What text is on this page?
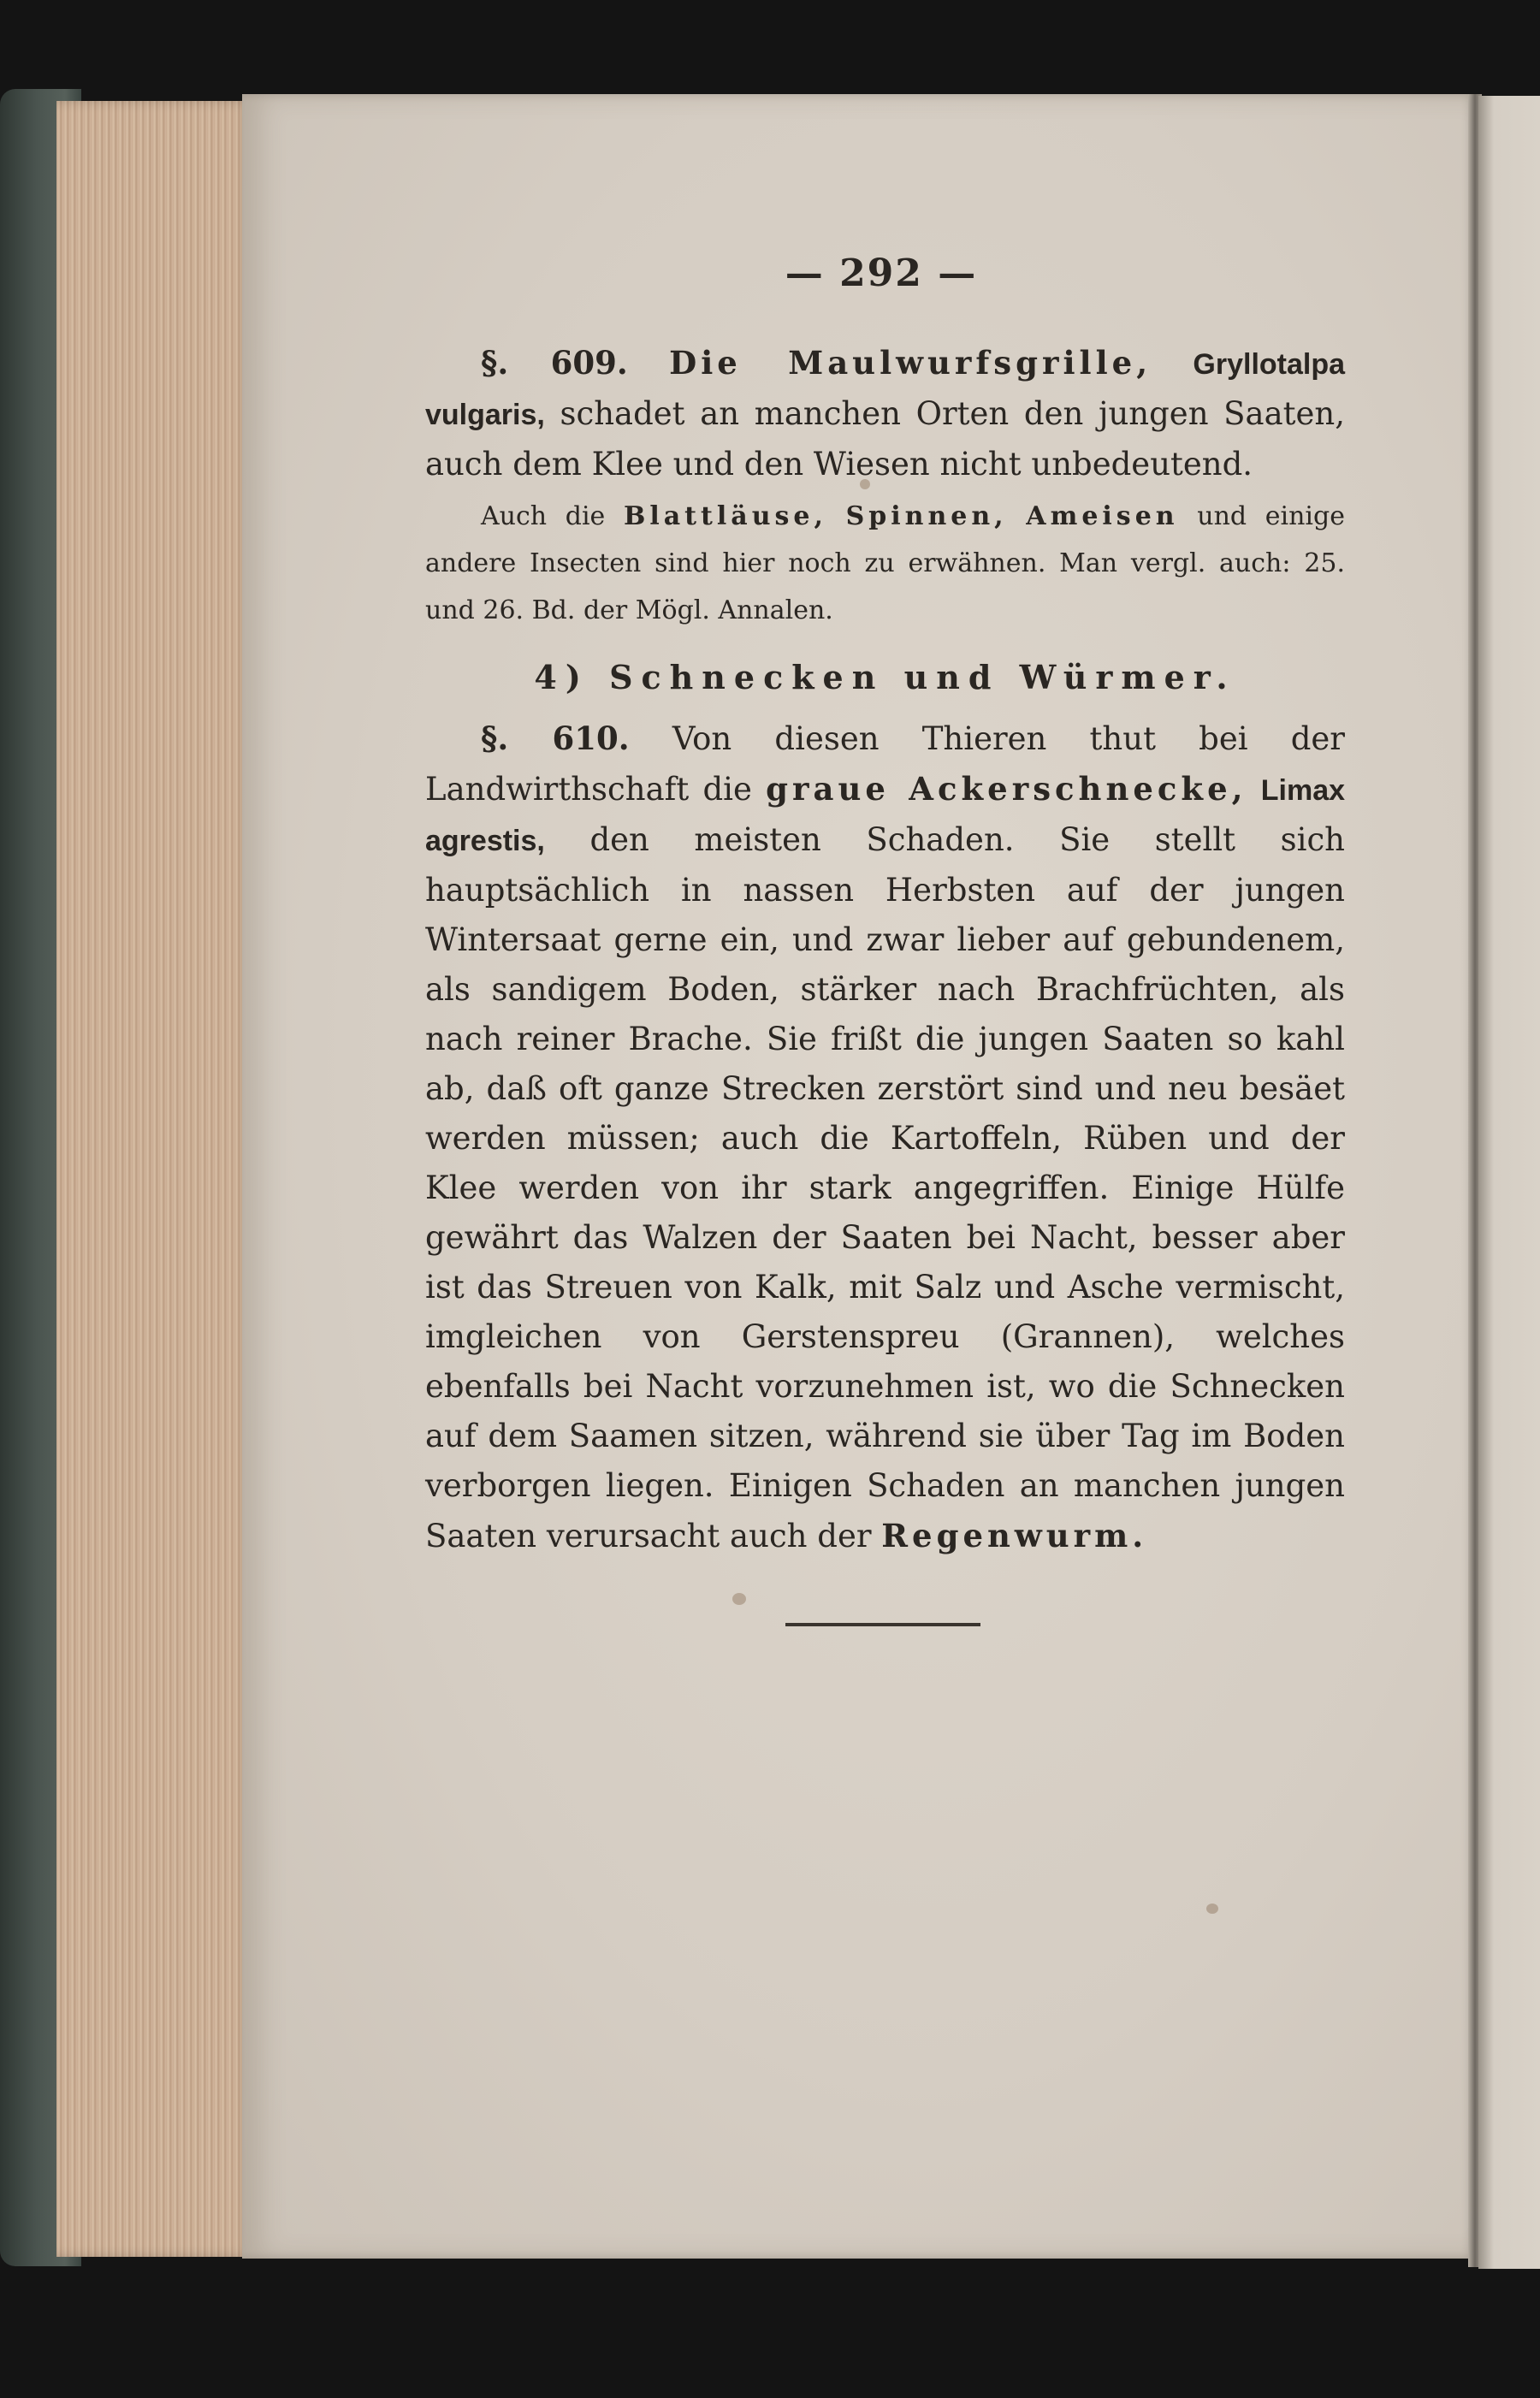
— 292 —

§. 609. Die Maulwurfsgrille, Gryllotalpa vulgaris, schadet an manchen Orten den jungen Saaten, auch dem Klee und den Wiesen nicht unbedeutend.

Auch die Blattläuse, Spinnen, Ameisen und einige andere Insecten sind hier noch zu erwähnen. Man vergl. auch: 25. und 26. Bd. der Mögl. Annalen.

4) Schnecken und Würmer.

§. 610. Von diesen Thieren thut bei der Landwirthschaft die graue Ackerschnecke, Limax agrestis, den meisten Schaden. Sie stellt sich hauptsächlich in nassen Herbsten auf der jungen Wintersaat gerne ein, und zwar lieber auf gebundenem, als sandigem Boden, stärker nach Brachfrüchten, als nach reiner Brache. Sie frißt die jungen Saaten so kahl ab, daß oft ganze Strecken zerstört sind und neu besäet werden müssen; auch die Kartoffeln, Rüben und der Klee werden von ihr stark angegriffen. Einige Hülfe gewährt das Walzen der Saaten bei Nacht, besser aber ist das Streuen von Kalk, mit Salz und Asche vermischt, imgleichen von Gerstenspreu (Grannen), welches ebenfalls bei Nacht vorzunehmen ist, wo die Schnecken auf dem Saamen sitzen, während sie über Tag im Boden verborgen liegen. Einigen Schaden an manchen jungen Saaten verursacht auch der Regenwurm.
